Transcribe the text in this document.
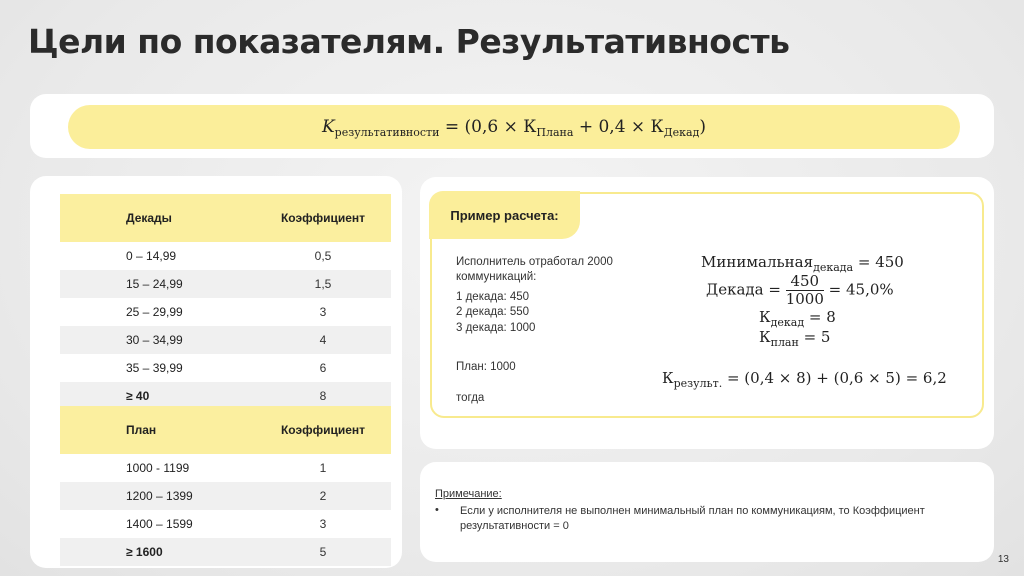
Цели по показателям. Результативность
$K_{результативности} = (0,6 \times К_{Плана} + 0,4 \times К_{Декад})$
Декады	Коэффициент
0 – 14,99	0,5
15 – 24,99	1,5
25 – 29,99	3
30 – 34,99	4
35 – 39,99	6
≥ 40	8
План	Коэффициент
1000 - 1199	1
1200 – 1399	2
1400 – 1599	3
≥ 1600	5
Пример расчета:
Исполнитель отработал 2000
коммуникаций:
1 декада: 450
2 декада: 550
3 декада: 1000
План: 1000
тогда
Минимальная$_{декада}$ = 450
Декада = $\frac{450}{1000} = 45,0\%$
$К_{декад} = 8$
$К_{план} = 5$
$К_{результ.} = (0,4 \times 8) + (0,6 \times 5) = 6,2$
Примечание:
• Если у исполнителя не выполнен минимальный план по коммуникациям, то Коэффициент результативности = 0
13
